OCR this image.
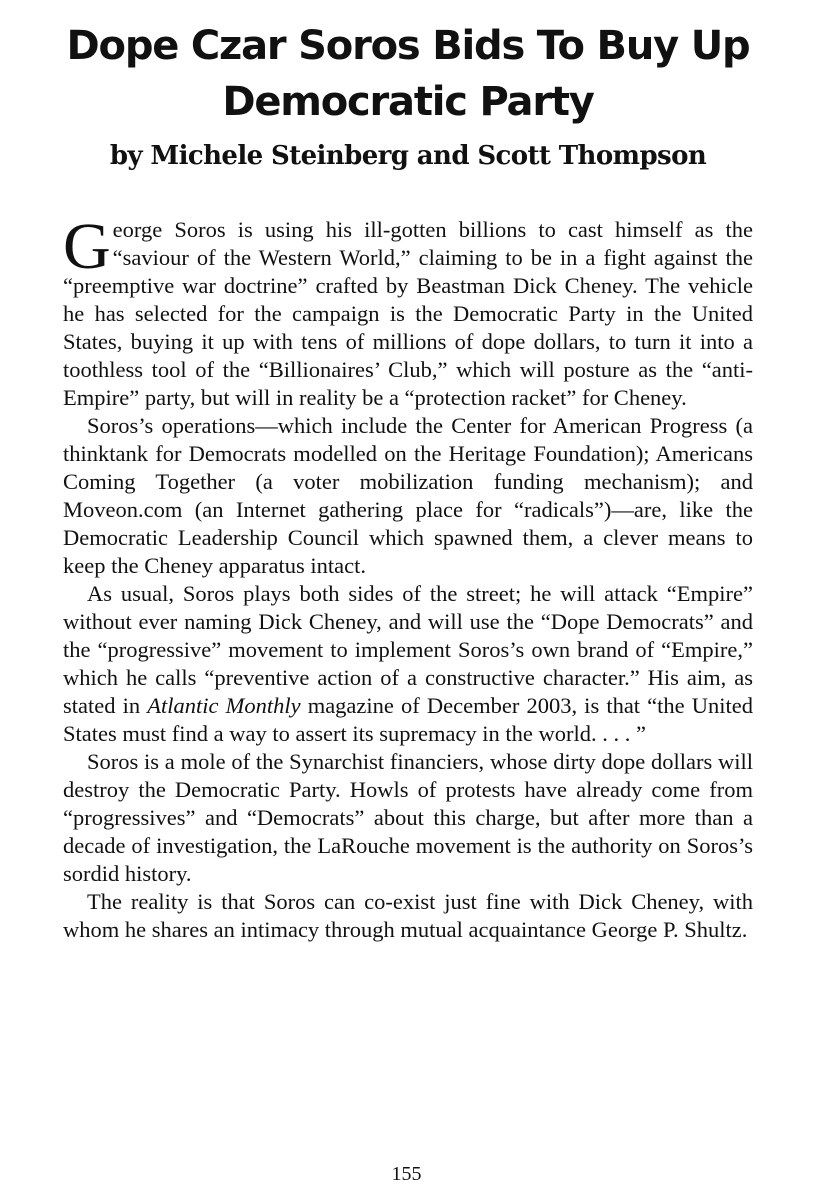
Dope Czar Soros Bids To Buy Up Democratic Party
by Michele Steinberg and Scott Thompson

George Soros is using his ill-gotten billions to cast himself as the “saviour of the Western World,” claiming to be in a fight against the “preemptive war doctrine” crafted by Beastman Dick Cheney. The vehicle he has selected for the campaign is the Democratic Party in the United States, buying it up with tens of millions of dope dollars, to turn it into a toothless tool of the “Billionaires’ Club,” which will posture as the “anti-Empire” party, but will in reality be a “protection racket” for Cheney.

Soros’s operations—which include the Center for American Progress (a thinktank for Democrats modelled on the Heritage Foundation); Americans Coming Together (a voter mobilization funding mechanism); and Moveon.com (an Internet gathering place for “radicals”)—are, like the Democratic Leadership Council which spawned them, a clever means to keep the Cheney apparatus intact.

As usual, Soros plays both sides of the street; he will attack “Empire” without ever naming Dick Cheney, and will use the “Dope Democrats” and the “progressive” movement to implement Soros’s own brand of “Empire,” which he calls “preventive action of a constructive character.” His aim, as stated in Atlantic Monthly magazine of December 2003, is that “the United States must find a way to assert its supremacy in the world. . . . ”

Soros is a mole of the Synarchist financiers, whose dirty dope dollars will destroy the Democratic Party. Howls of protests have already come from “progressives” and “Democrats” about this charge, but after more than a decade of investigation, the LaRouche movement is the authority on Soros’s sordid history.

The reality is that Soros can co-exist just fine with Dick Cheney, with whom he shares an intimacy through mutual acquaintance George P. Shultz.

155
